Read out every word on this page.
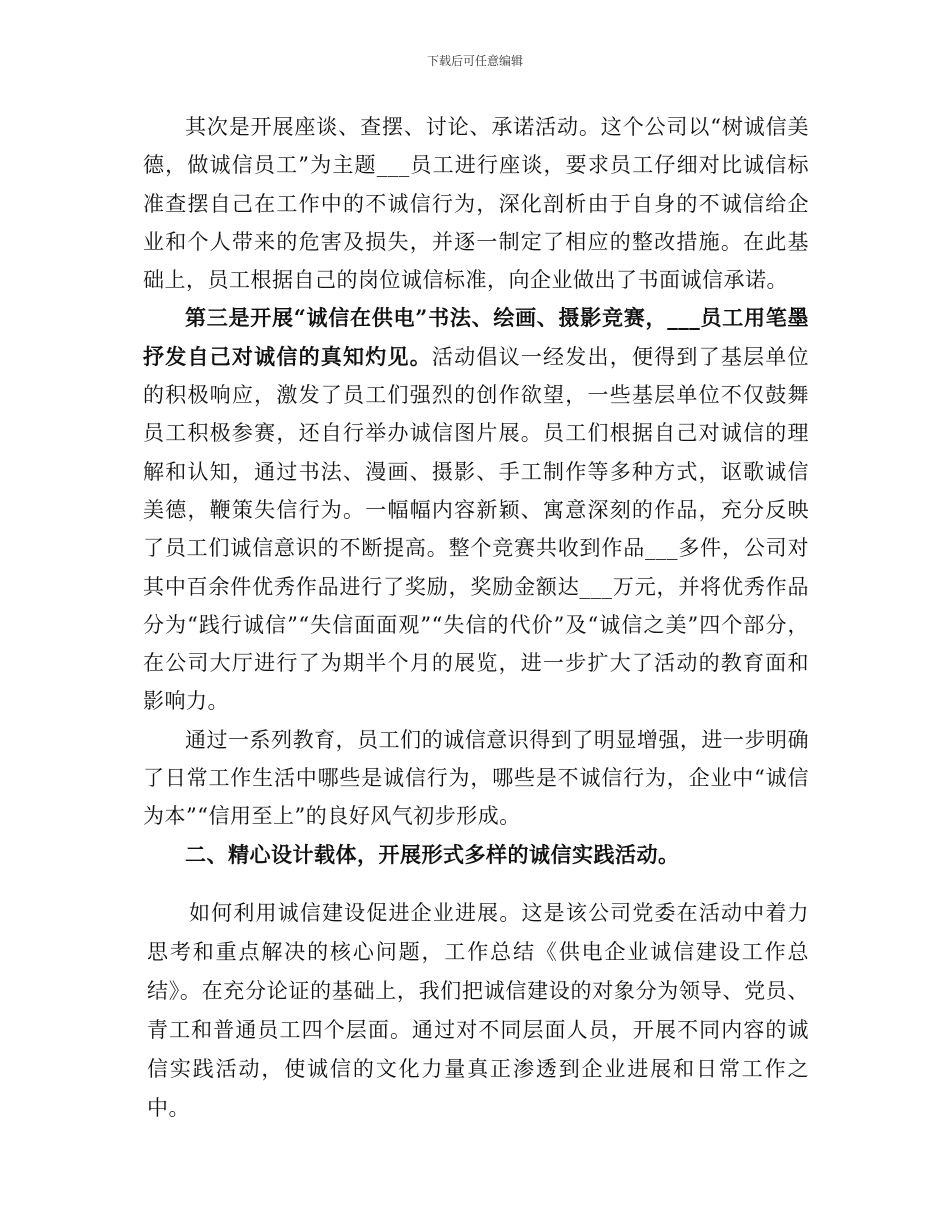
下载后可任意编辑

其次是开展座谈、查摆、讨论、承诺活动。这个公司以“树诚信美德，做诚信员工”为主题___员工进行座谈，要求员工仔细对比诚信标准查摆自己在工作中的不诚信行为，深化剖析由于自身的不诚信给企业和个人带来的危害及损失，并逐一制定了相应的整改措施。在此基础上，员工根据自己的岗位诚信标准，向企业做出了书面诚信承诺。

第三是开展“诚信在供电”书法、绘画、摄影竞赛，___员工用笔墨抒发自己对诚信的真知灼见。活动倡议一经发出，便得到了基层单位的积极响应，激发了员工们强烈的创作欲望，一些基层单位不仅鼓舞员工积极参赛，还自行举办诚信图片展。员工们根据自己对诚信的理解和认知，通过书法、漫画、摄影、手工制作等多种方式，讴歌诚信美德，鞭策失信行为。一幅幅内容新颖、寓意深刻的作品，充分反映了员工们诚信意识的不断提高。整个竞赛共收到作品___多件，公司对其中百余件优秀作品进行了奖励，奖励金额达___万元，并将优秀作品分为“践行诚信”“失信面面观”“失信的代价”及“诚信之美”四个部分，在公司大厅进行了为期半个月的展览，进一步扩大了活动的教育面和影响力。

通过一系列教育，员工们的诚信意识得到了明显增强，进一步明确了日常工作生活中哪些是诚信行为，哪些是不诚信行为，企业中“诚信为本”“信用至上”的良好风气初步形成。

二、精心设计载体，开展形式多样的诚信实践活动。

如何利用诚信建设促进企业进展。这是该公司党委在活动中着力思考和重点解决的核心问题，工作总结《供电企业诚信建设工作总结》。在充分论证的基础上，我们把诚信建设的对象分为领导、党员、青工和普通员工四个层面。通过对不同层面人员，开展不同内容的诚信实践活动，使诚信的文化力量真正渗透到企业进展和日常工作之中。
